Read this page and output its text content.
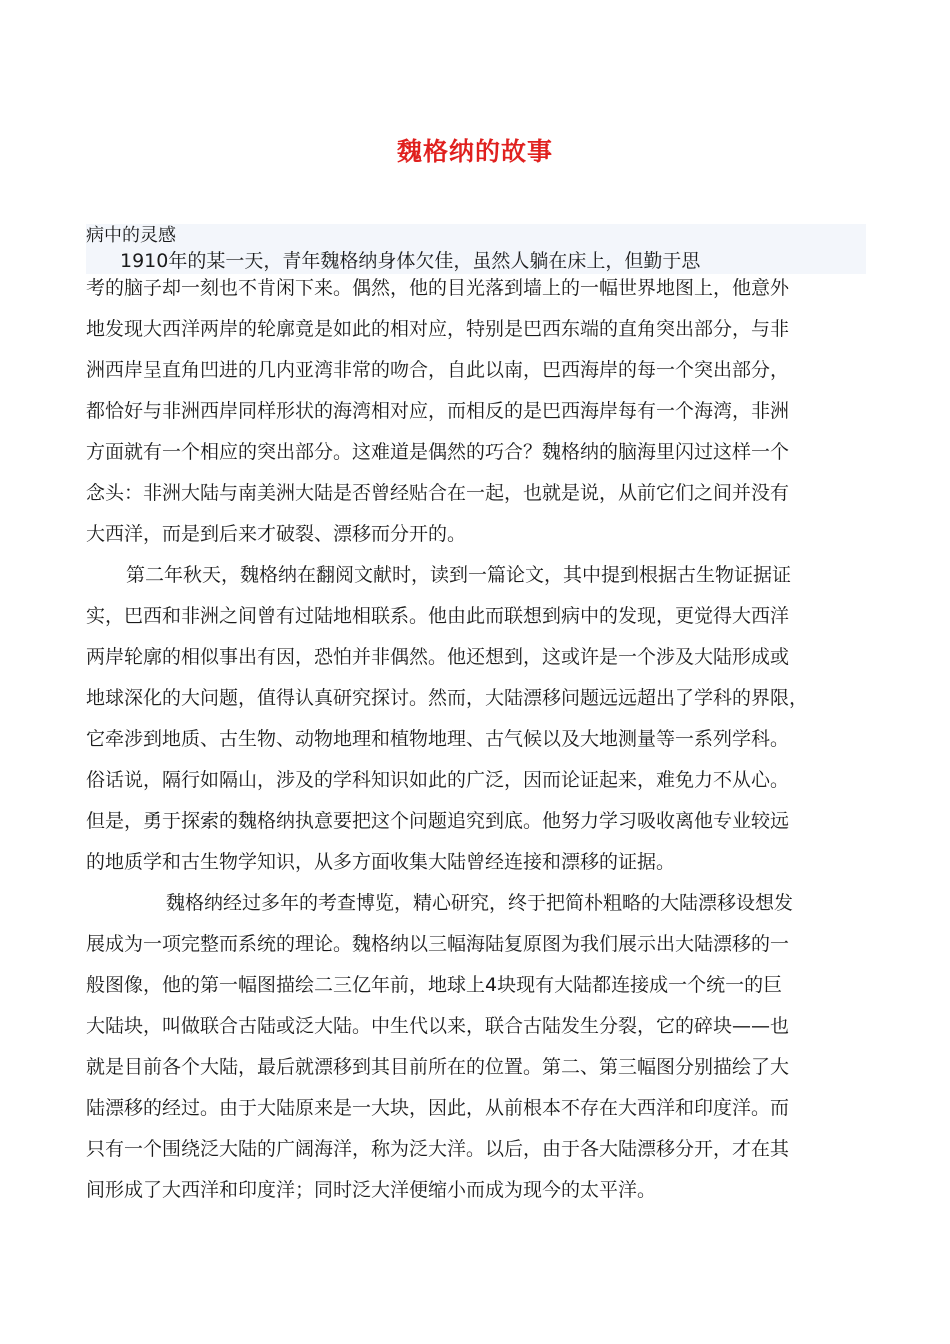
魏格纳的故事
病中的灵感
1910年的某一天，青年魏格纳身体欠佳，虽然人躺在床上，但勤于思
考的脑子却一刻也不肯闲下来。偶然，他的目光落到墙上的一幅世界地图上，他意外
地发现大西洋两岸的轮廓竟是如此的相对应，特别是巴西东端的直角突出部分，与非
洲西岸呈直角凹进的几内亚湾非常的吻合，自此以南，巴西海岸的每一个突出部分，
都恰好与非洲西岸同样形状的海湾相对应，而相反的是巴西海岸每有一个海湾，非洲
方面就有一个相应的突出部分。这难道是偶然的巧合？魏格纳的脑海里闪过这样一个
念头：非洲大陆与南美洲大陆是否曾经贴合在一起，也就是说，从前它们之间并没有
大西洋，而是到后来才破裂、漂移而分开的。
第二年秋天，魏格纳在翻阅文献时，读到一篇论文，其中提到根据古生物证据证
实，巴西和非洲之间曾有过陆地相联系。他由此而联想到病中的发现，更觉得大西洋
两岸轮廓的相似事出有因，恐怕并非偶然。他还想到，这或许是一个涉及大陆形成或
地球深化的大问题，值得认真研究探讨。然而，大陆漂移问题远远超出了学科的界限，
它牵涉到地质、古生物、动物地理和植物地理、古气候以及大地测量等一系列学科。
俗话说，隔行如隔山，涉及的学科知识如此的广泛，因而论证起来，难免力不从心。
但是，勇于探索的魏格纳执意要把这个问题追究到底。他努力学习吸收离他专业较远
的地质学和古生物学知识，从多方面收集大陆曾经连接和漂移的证据。
魏格纳经过多年的考查博览，精心研究，终于把简朴粗略的大陆漂移设想发
展成为一项完整而系统的理论。魏格纳以三幅海陆复原图为我们展示出大陆漂移的一
般图像，他的第一幅图描绘二三亿年前，地球上4块现有大陆都连接成一个统一的巨
大陆块，叫做联合古陆或泛大陆。中生代以来，联合古陆发生分裂，它的碎块——也
就是目前各个大陆，最后就漂移到其目前所在的位置。第二、第三幅图分别描绘了大
陆漂移的经过。由于大陆原来是一大块，因此，从前根本不存在大西洋和印度洋。而
只有一个围绕泛大陆的广阔海洋，称为泛大洋。以后，由于各大陆漂移分开，才在其
间形成了大西洋和印度洋；同时泛大洋便缩小而成为现今的太平洋。
